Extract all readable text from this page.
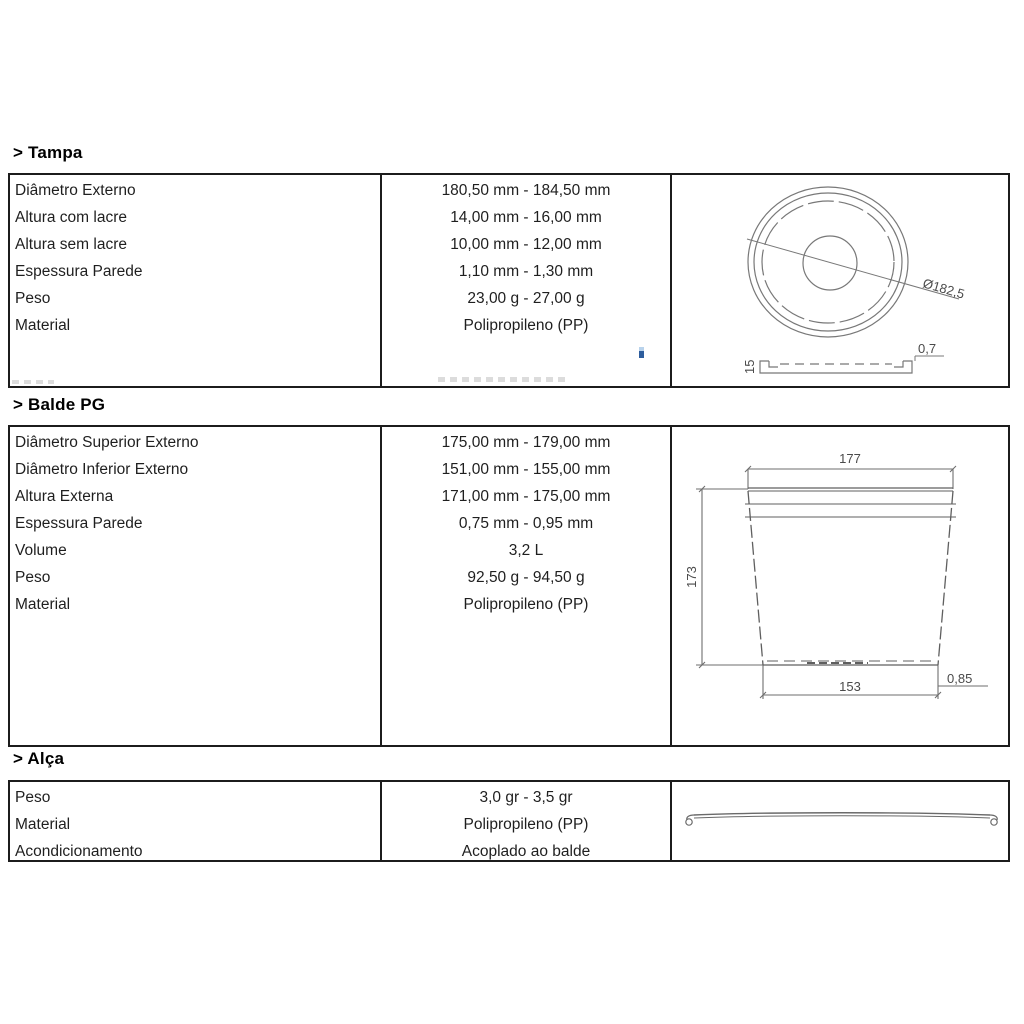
> Tampa
Diâmetro Externo
Altura com lacre
Altura sem lacre
Espessura Parede
Peso
Material
180,50 mm - 184,50 mm
14,00 mm - 16,00 mm
10,00 mm - 12,00 mm
1,10 mm - 1,30 mm
23,00 g - 27,00 g
Polipropileno (PP)
Ø182,5
0,7
15
> Balde PG
Diâmetro Superior Externo
Diâmetro Inferior Externo
Altura Externa
Espessura Parede
Volume
Peso
Material
175,00 mm - 179,00 mm
151,00 mm - 155,00 mm
171,00 mm - 175,00 mm
0,75 mm - 0,95 mm
3,2 L
92,50 g - 94,50 g
Polipropileno (PP)
177
173
153
0,85
> Alça
Peso
Material
Acondicionamento
3,0 gr - 3,5 gr
Polipropileno (PP)
Acoplado ao balde
